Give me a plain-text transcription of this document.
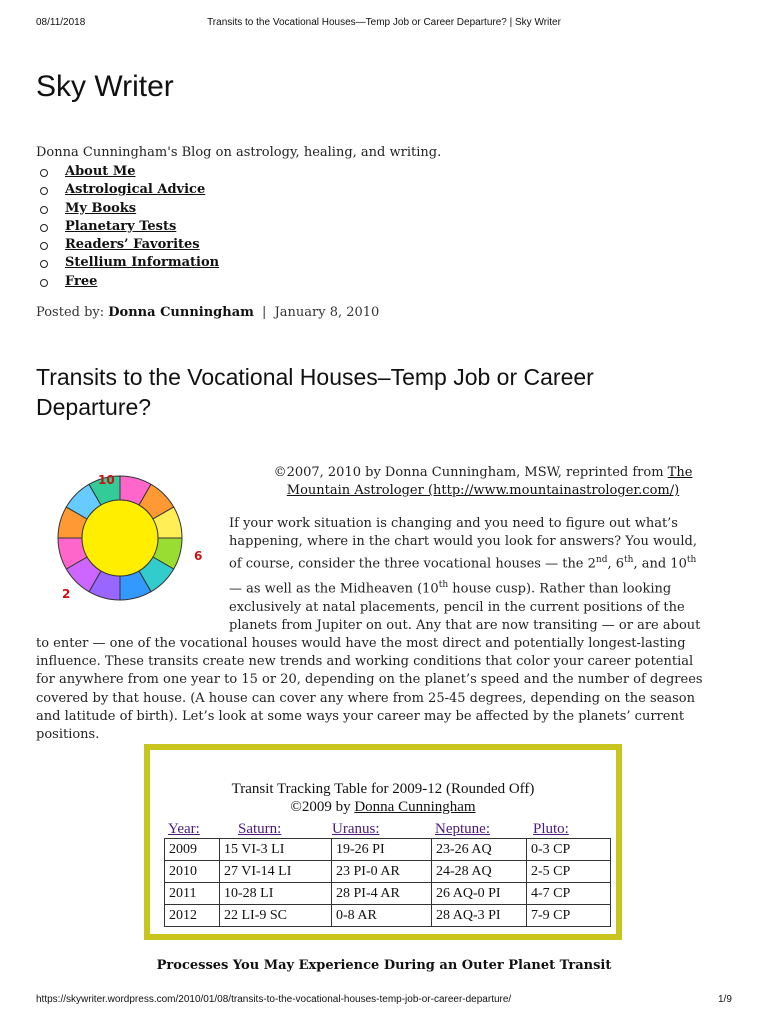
08/11/2018	Transits to the Vocational Houses—Temp Job or Career Departure? | Sky Writer
Sky Writer
Donna Cunningham's Blog on astrology, healing, and writing.
About Me
Astrological Advice
My Books
Planetary Tests
Readers’ Favorites
Stellium Information
Free
Posted by: Donna Cunningham | January 8, 2010
Transits to the Vocational Houses–Temp Job or Career Departure?
©2007, 2010 by Donna Cunningham, MSW, reprinted from The Mountain Astrologer (http://www.mountainastrologer.com/)
10
6
2
If your work situation is changing and you need to figure out what’s
happening, where in the chart would you look for answers? You would,
of course, consider the three vocational houses — the 2nd, 6th, and 10th
— as well as the Midheaven (10th house cusp). Rather than looking
exclusively at natal placements, pencil in the current positions of the
planets from Jupiter on out. Any that are now transiting — or are about
to enter — one of the vocational houses would have the most direct and potentially longest-lasting
influence. These transits create new trends and working conditions that color your career potential
for anywhere from one year to 15 or 20, depending on the planet’s speed and the number of degrees
covered by that house. (A house can cover any where from 25-45 degrees, depending on the season
and latitude of birth). Let’s look at some ways your career may be affected by the planets’ current
positions.
Transit Tracking Table for 2009-12 (Rounded Off)
©2009 by Donna Cunningham
Year:	Saturn:	Uranus:	Neptune:	Pluto:
2009	15 VI-3 LI	19-26 PI	23-26 AQ	0-3 CP
2010	27 VI-14 LI	23 PI-0 AR	24-28 AQ	2-5 CP
2011	10-28 LI	28 PI-4 AR	26 AQ-0 PI	4-7 CP
2012	22 LI-9 SC	0-8 AR	28 AQ-3 PI	7-9 CP
Processes You May Experience During an Outer Planet Transit
https://skywriter.wordpress.com/2010/01/08/transits-to-the-vocational-houses-temp-job-or-career-departure/	1/9
